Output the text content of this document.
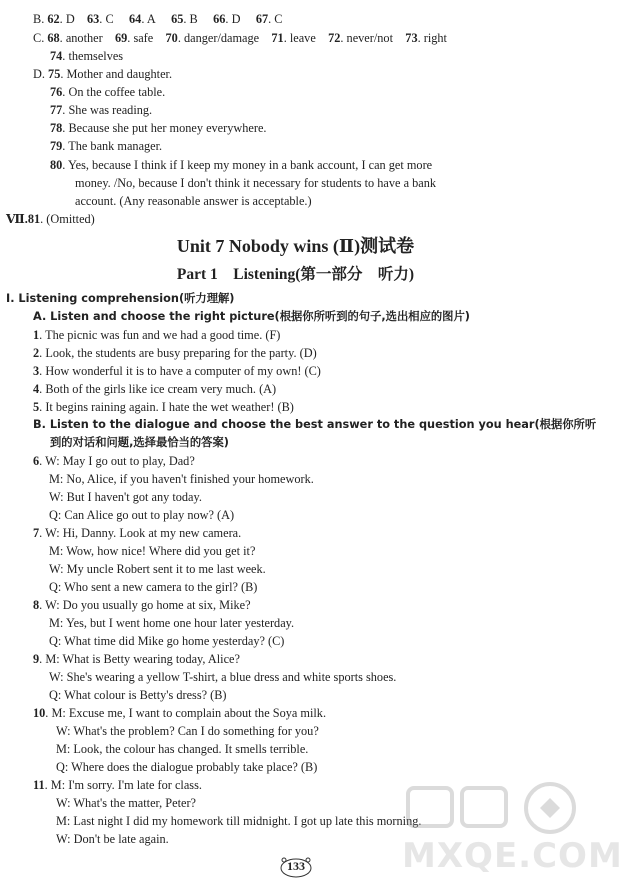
B. 62. D 63. C 64. A 65. B 66. D 67. C
C. 68. another 69. safe 70. danger/damage 71. leave 72. never/not 73. right
74. themselves
D. 75. Mother and daughter.
76. On the coffee table.
77. She was reading.
78. Because she put her money everywhere.
79. The bank manager.
80. Yes, because I think if I keep my money in a bank account, I can get more
money. /No, because I don't think it necessary for students to have a bank
account. (Any reasonable answer is acceptable.)
Ⅶ.81. (Omitted)
Unit 7 Nobody wins (Ⅱ)测试卷
Part 1　Listening(第一部分　听力)
Ⅰ. Listening comprehension(听力理解)
A. Listen and choose the right picture(根据你所听到的句子,选出相应的图片)
1. The picnic was fun and we had a good time. (F)
2. Look, the students are busy preparing for the party. (D)
3. How wonderful it is to have a computer of my own! (C)
4. Both of the girls like ice cream very much. (A)
5. It begins raining again. I hate the wet weather! (B)
B. Listen to the dialogue and choose the best answer to the question you hear(根据你所听
到的对话和问题,选择最恰当的答案)
6. W: May I go out to play, Dad?
M: No, Alice, if you haven't finished your homework.
W: But I haven't got any today.
Q: Can Alice go out to play now? (A)
7. W: Hi, Danny. Look at my new camera.
M: Wow, how nice! Where did you get it?
W: My uncle Robert sent it to me last week.
Q: Who sent a new camera to the girl? (B)
8. W: Do you usually go home at six, Mike?
M: Yes, but I went home one hour later yesterday.
Q: What time did Mike go home yesterday? (C)
9. M: What is Betty wearing today, Alice?
W: She's wearing a yellow T-shirt, a blue dress and white sports shoes.
Q: What colour is Betty's dress? (B)
10. M: Excuse me, I want to complain about the Soya milk.
W: What's the problem? Can I do something for you?
M: Look, the colour has changed. It smells terrible.
Q: Where does the dialogue probably take place? (B)
11. M: I'm sorry. I'm late for class.
W: What's the matter, Peter?
M: Last night I did my homework till midnight. I got up late this morning.
W: Don't be late again.	MXQE.COM
133
